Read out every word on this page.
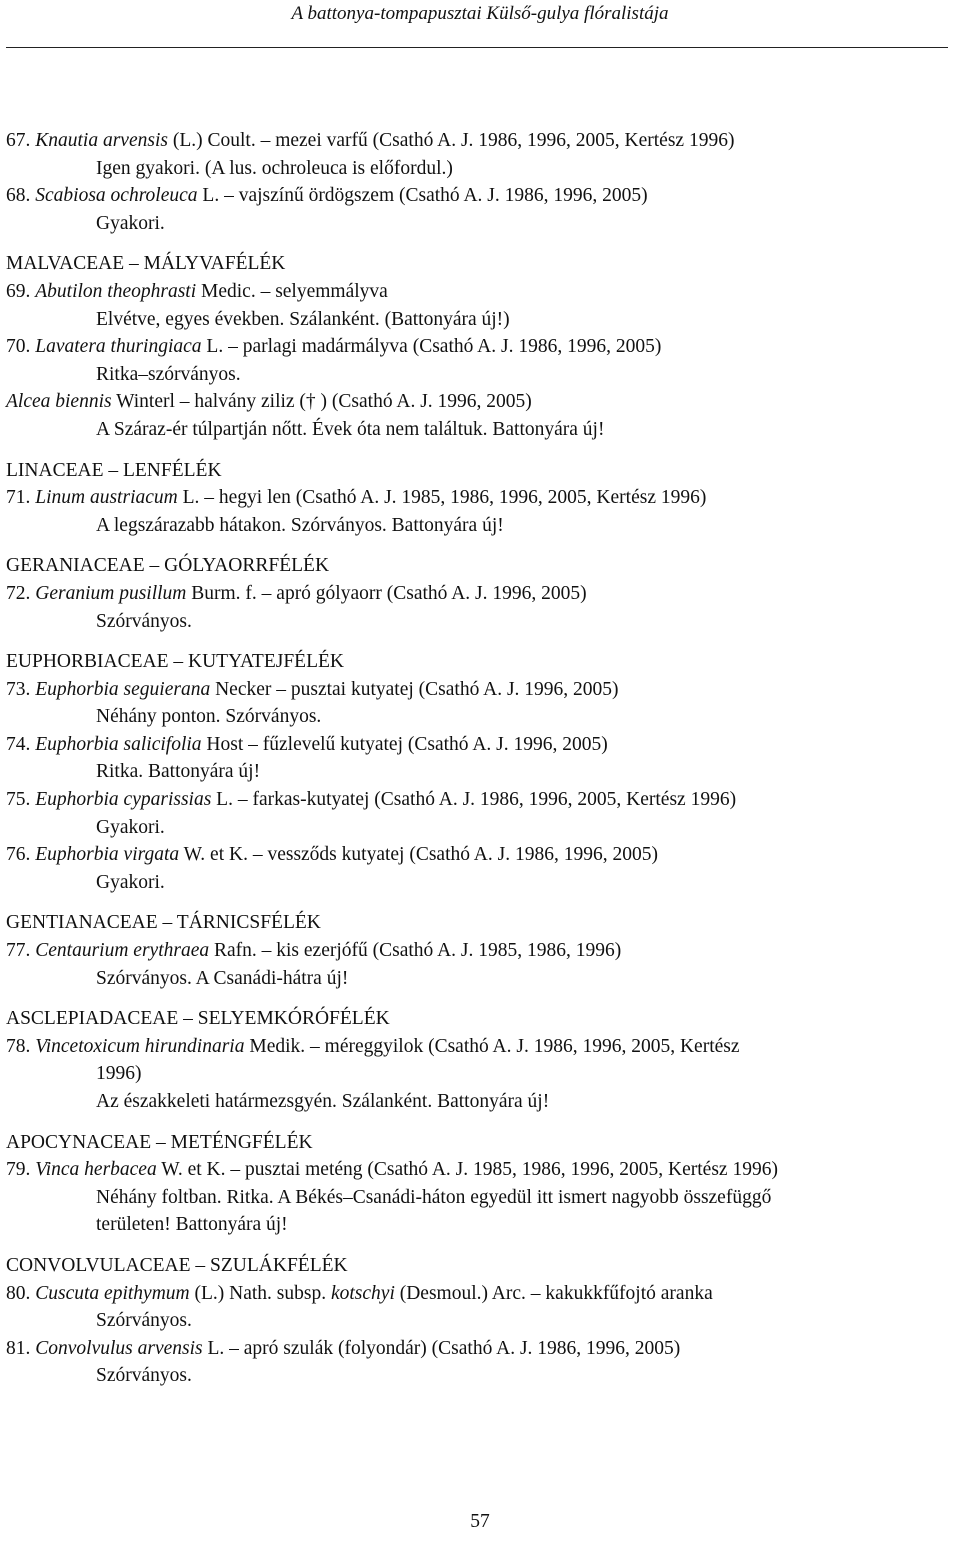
A battonya-tompapusztai Külső-gulya flóralistája
67. Knautia arvensis (L.) Coult. – mezei varfű (Csathó A. J. 1986, 1996, 2005, Kertész 1996)
Igen gyakori. (A lus. ochroleuca is előfordul.)
68. Scabiosa ochroleuca L. – vajszínű ördögszem (Csathó A. J. 1986, 1996, 2005)
Gyakori.
MALVACEAE – MÁLYVAFÉLÉK
69. Abutilon theophrasti Medic. – selyemmályva
Elvétve, egyes években. Szálanként. (Battonyára új!)
70. Lavatera thuringiaca L. – parlagi madármályva (Csathó A. J. 1986, 1996, 2005)
Ritka–szórványos.
Alcea biennis Winterl – halvány ziliz († ) (Csathó A. J. 1996, 2005)
A Száraz-ér túlpartján nőtt. Évek óta nem találtuk. Battonyára új!
LINACEAE – LENFÉLÉK
71. Linum austriacum L. – hegyi len (Csathó A. J. 1985, 1986, 1996, 2005, Kertész 1996)
A legszárazabb hátakon. Szórványos. Battonyára új!
GERANIACEAE – GÓLYAORRFÉLÉK
72. Geranium pusillum Burm. f. – apró gólyaorr (Csathó A. J. 1996, 2005)
Szórványos.
EUPHORBIACEAE – KUTYATEJFÉLÉK
73. Euphorbia seguierana Necker – pusztai kutyatej (Csathó A. J. 1996, 2005)
Néhány ponton. Szórványos.
74. Euphorbia salicifolia Host – fűzlevelű kutyatej (Csathó A. J. 1996, 2005)
Ritka. Battonyára új!
75. Euphorbia cyparissias L. – farkas-kutyatej (Csathó A. J. 1986, 1996, 2005, Kertész 1996)
Gyakori.
76. Euphorbia virgata W. et K. – vessződs kutyatej (Csathó A. J. 1986, 1996, 2005)
Gyakori.
GENTIANACEAE – TÁRNICSFÉLÉK
77. Centaurium erythraea Rafn. – kis ezerjófű (Csathó A. J. 1985, 1986, 1996)
Szórványos. A Csanádi-hátra új!
ASCLEPIADACEAE – SELYEMKÓRÓFÉLÉK
78. Vincetoxicum hirundinaria Medik. – méreggyilok (Csathó A. J. 1986, 1996, 2005, Kertész
1996)
Az északkeleti határmezsgyén. Szálanként. Battonyára új!
APOCYNACEAE – METÉNGFÉLÉK
79. Vinca herbacea W. et K. – pusztai meténg (Csathó A. J. 1985, 1986, 1996, 2005, Kertész 1996)
Néhány foltban. Ritka. A Békés–Csanádi-háton egyedül itt ismert nagyobb összefüggő
területen! Battonyára új!
CONVOLVULACEAE – SZULÁKFÉLÉK
80. Cuscuta epithymum (L.) Nath. subsp. kotschyi (Desmoul.) Arc. – kakukkfűfojtó aranka
Szórványos.
81. Convolvulus arvensis L. – apró szulák (folyondár) (Csathó A. J. 1986, 1996, 2005)
Szórványos.
57
